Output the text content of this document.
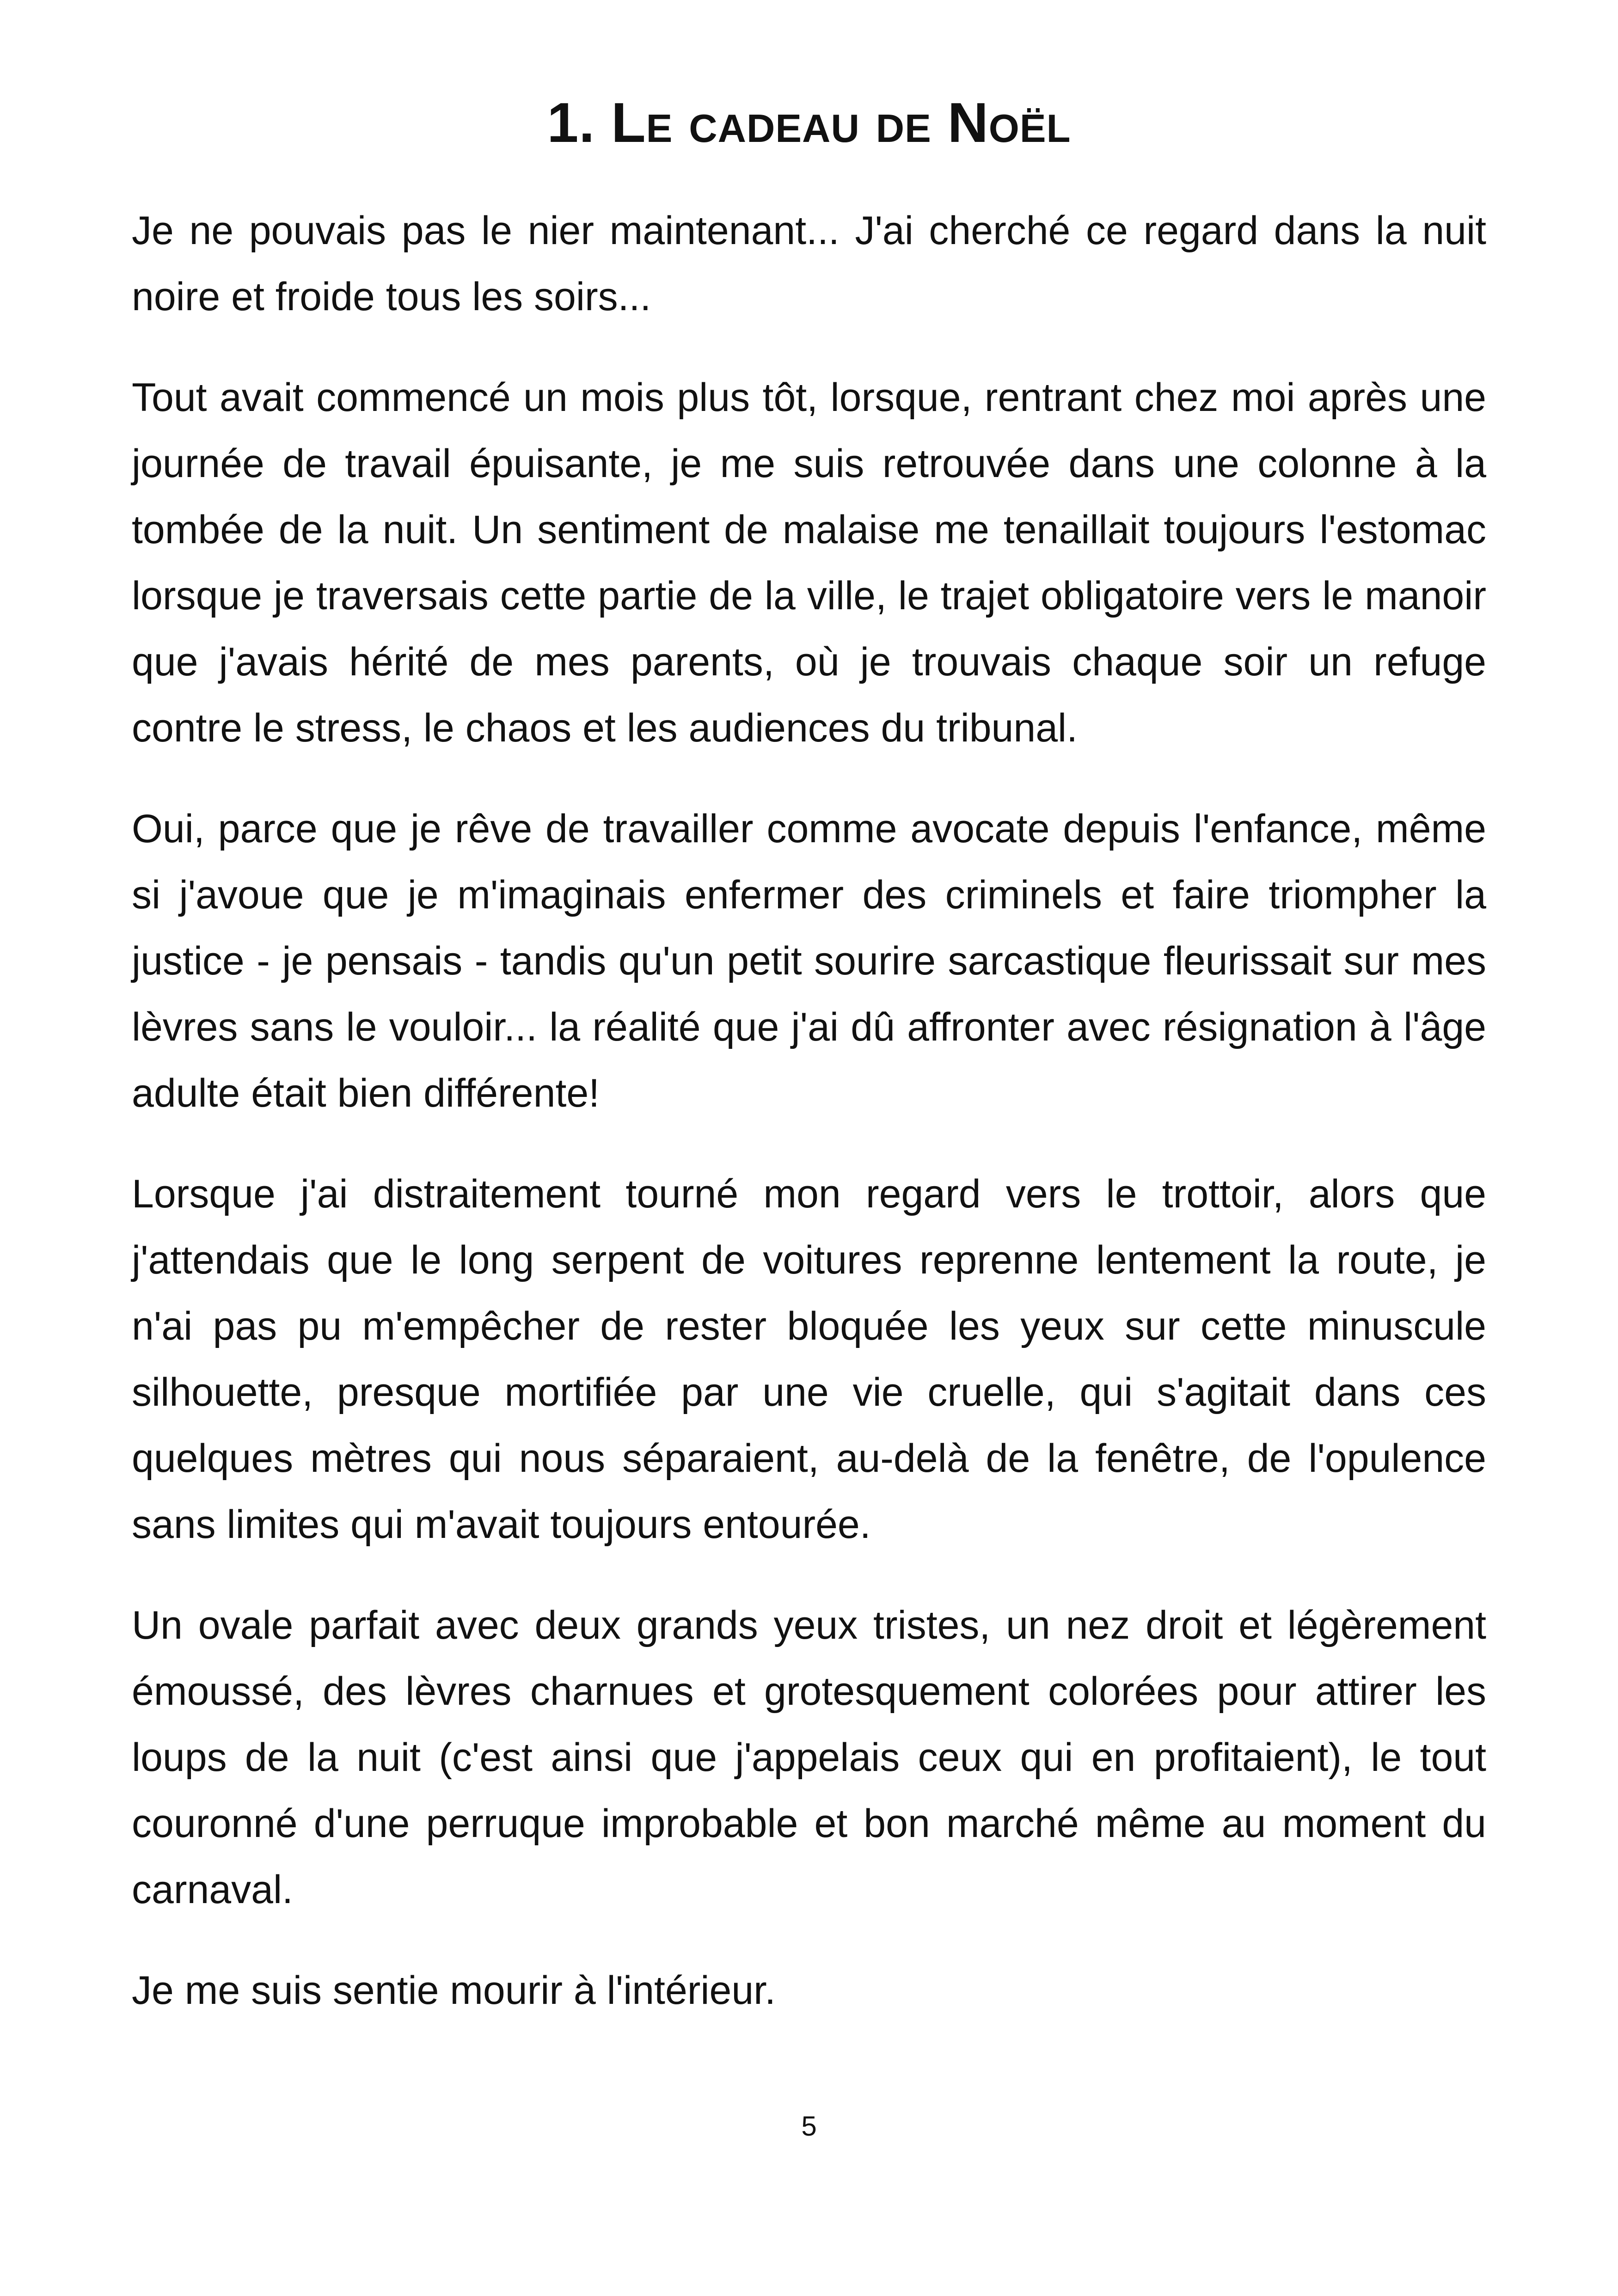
1. Le cadeau de Noël

Je ne pouvais pas le nier maintenant... J'ai cherché ce regard dans la nuit noire et froide tous les soirs...

Tout avait commencé un mois plus tôt, lorsque, rentrant chez moi après une journée de travail épuisante, je me suis retrouvée dans une colonne à la tombée de la nuit. Un sentiment de malaise me tenaillait toujours l'estomac lorsque je traversais cette partie de la ville, le trajet obligatoire vers le manoir que j'avais hérité de mes parents, où je trouvais chaque soir un refuge contre le stress, le chaos et les audiences du tribunal.

Oui, parce que je rêve de travailler comme avocate depuis l'enfance, même si j'avoue que je m'imaginais enfermer des criminels et faire triompher la justice - je pensais - tandis qu'un petit sourire sarcastique fleurissait sur mes lèvres sans le vouloir... la réalité que j'ai dû affronter avec résignation à l'âge adulte était bien différente!

Lorsque j'ai distraitement tourné mon regard vers le trottoir, alors que j'attendais que le long serpent de voitures reprenne lentement la route, je n'ai pas pu m'empêcher de rester bloquée les yeux sur cette minuscule silhouette, presque mortifiée par une vie cruelle, qui s'agitait dans ces quelques mètres qui nous séparaient, au-delà de la fenêtre, de l'opulence sans limites qui m'avait toujours entourée.

Un ovale parfait avec deux grands yeux tristes, un nez droit et légèrement émoussé, des lèvres charnues et grotesquement colorées pour attirer les loups de la nuit (c'est ainsi que j'appelais ceux qui en profitaient), le tout couronné d'une perruque improbable et bon marché même au moment du carnaval.

Je me suis sentie mourir à l'intérieur.

5
